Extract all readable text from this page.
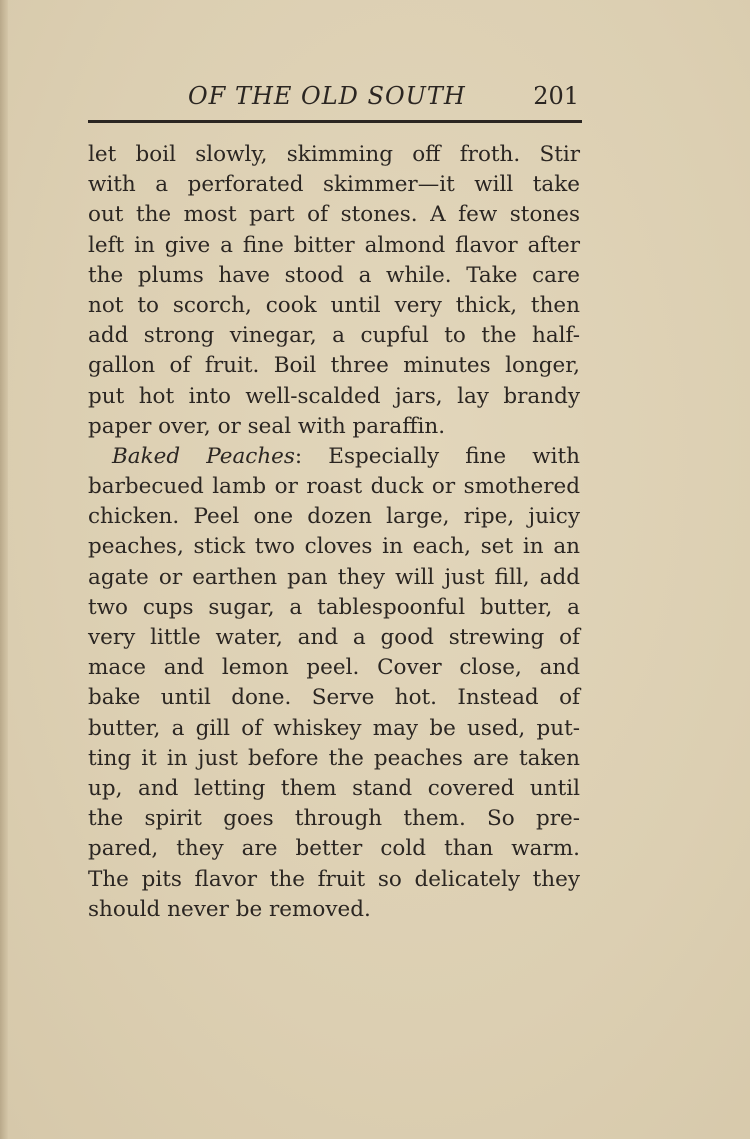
OF THE OLD SOUTH	201
let boil slowly, skimming off froth. Stir
with a perforated skimmer—it will take
out the most part of stones. A few stones
left in give a fine bitter almond flavor after
the plums have stood a while. Take care
not to scorch, cook until very thick, then
add strong vinegar, a cupful to the half-
gallon of fruit. Boil three minutes longer,
put hot into well-scalded jars, lay brandy
paper over, or seal with paraffin.
Baked Peaches: Especially fine with
barbecued lamb or roast duck or smothered
chicken. Peel one dozen large, ripe, juicy
peaches, stick two cloves in each, set in an
agate or earthen pan they will just fill, add
two cups sugar, a tablespoonful butter, a
very little water, and a good strewing of
mace and lemon peel. Cover close, and
bake until done. Serve hot. Instead of
butter, a gill of whiskey may be used, put-
ting it in just before the peaches are taken
up, and letting them stand covered until
the spirit goes through them. So pre-
pared, they are better cold than warm.
The pits flavor the fruit so delicately they
should never be removed.
